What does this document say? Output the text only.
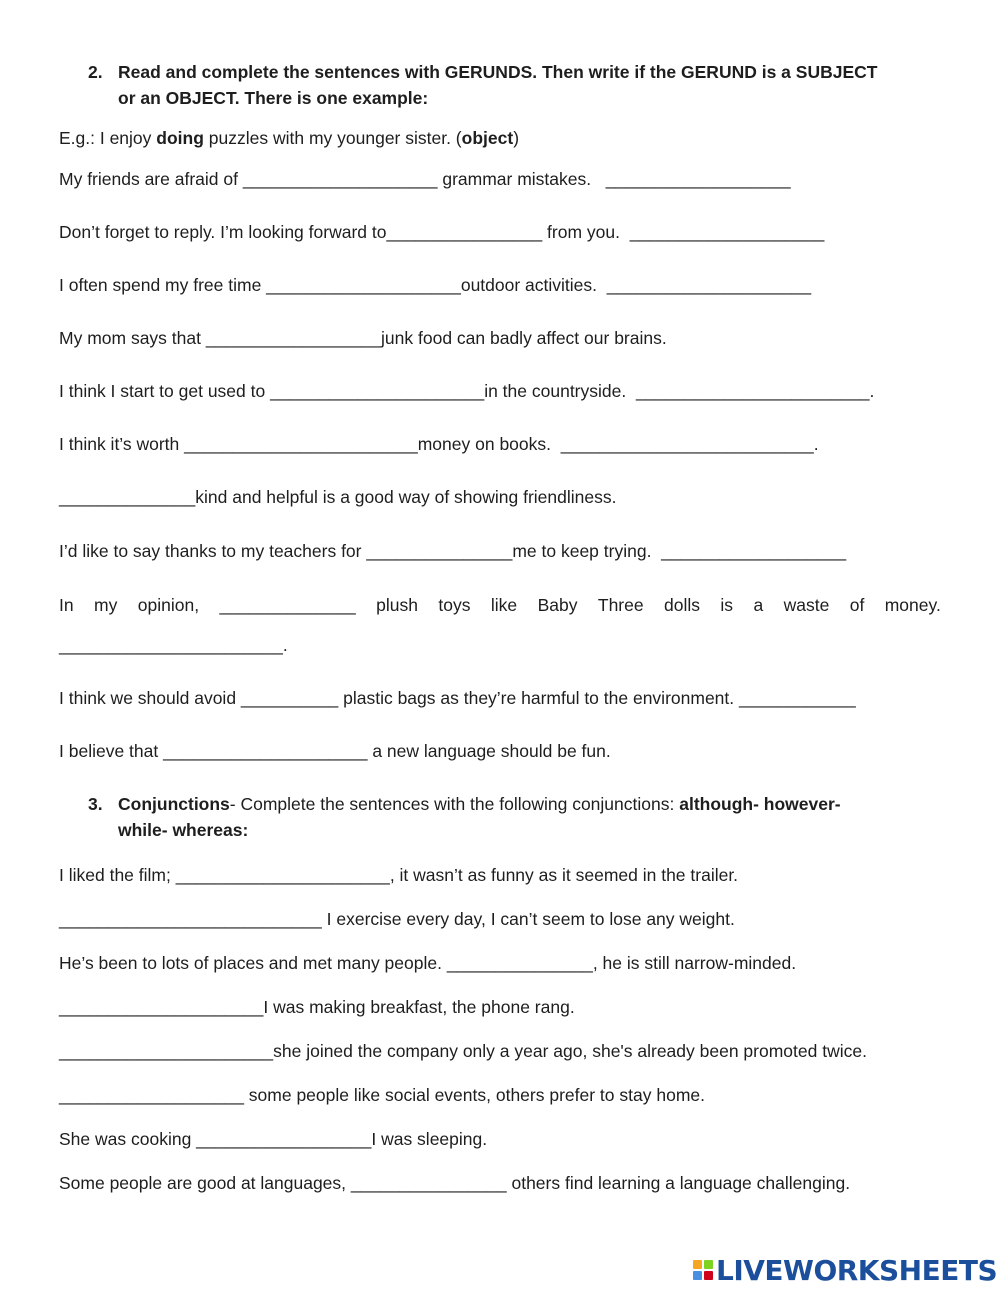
2. Read and complete the sentences with GERUNDS. Then write if the GERUND is a SUBJECT
or an OBJECT. There is one example:
E.g.: I enjoy doing puzzles with my younger sister. (object)
My friends are afraid of ____________________ grammar mistakes.   ___________________
Don’t forget to reply. I’m looking forward to________________ from you.  ____________________
I often spend my free time ____________________outdoor activities.  _____________________
My mom says that __________________junk food can badly affect our brains.
I think I start to get used to ______________________in the countryside.  ________________________.
I think it’s worth ________________________money on books.  __________________________.
______________kind and helpful is a good way of showing friendliness.
I’d like to say thanks to my teachers for _______________me to keep trying.  ___________________
In my opinion, ______________ plush toys like Baby Three dolls is a waste of money.
_______________________.
I think we should avoid __________ plastic bags as they’re harmful to the environment. ____________
I believe that _____________________ a new language should be fun.
3. Conjunctions- Complete the sentences with the following conjunctions: although- however-
while- whereas:
I liked the film; ______________________, it wasn’t as funny as it seemed in the trailer.
___________________________ I exercise every day, I can’t seem to lose any weight.
He’s been to lots of places and met many people. _______________, he is still narrow-minded.
_____________________I was making breakfast, the phone rang.
______________________she joined the company only a year ago, she's already been promoted twice.
___________________ some people like social events, others prefer to stay home.
She was cooking __________________I was sleeping.
Some people are good at languages, ________________ others find learning a language challenging.
LIVEWORKSHEETS
